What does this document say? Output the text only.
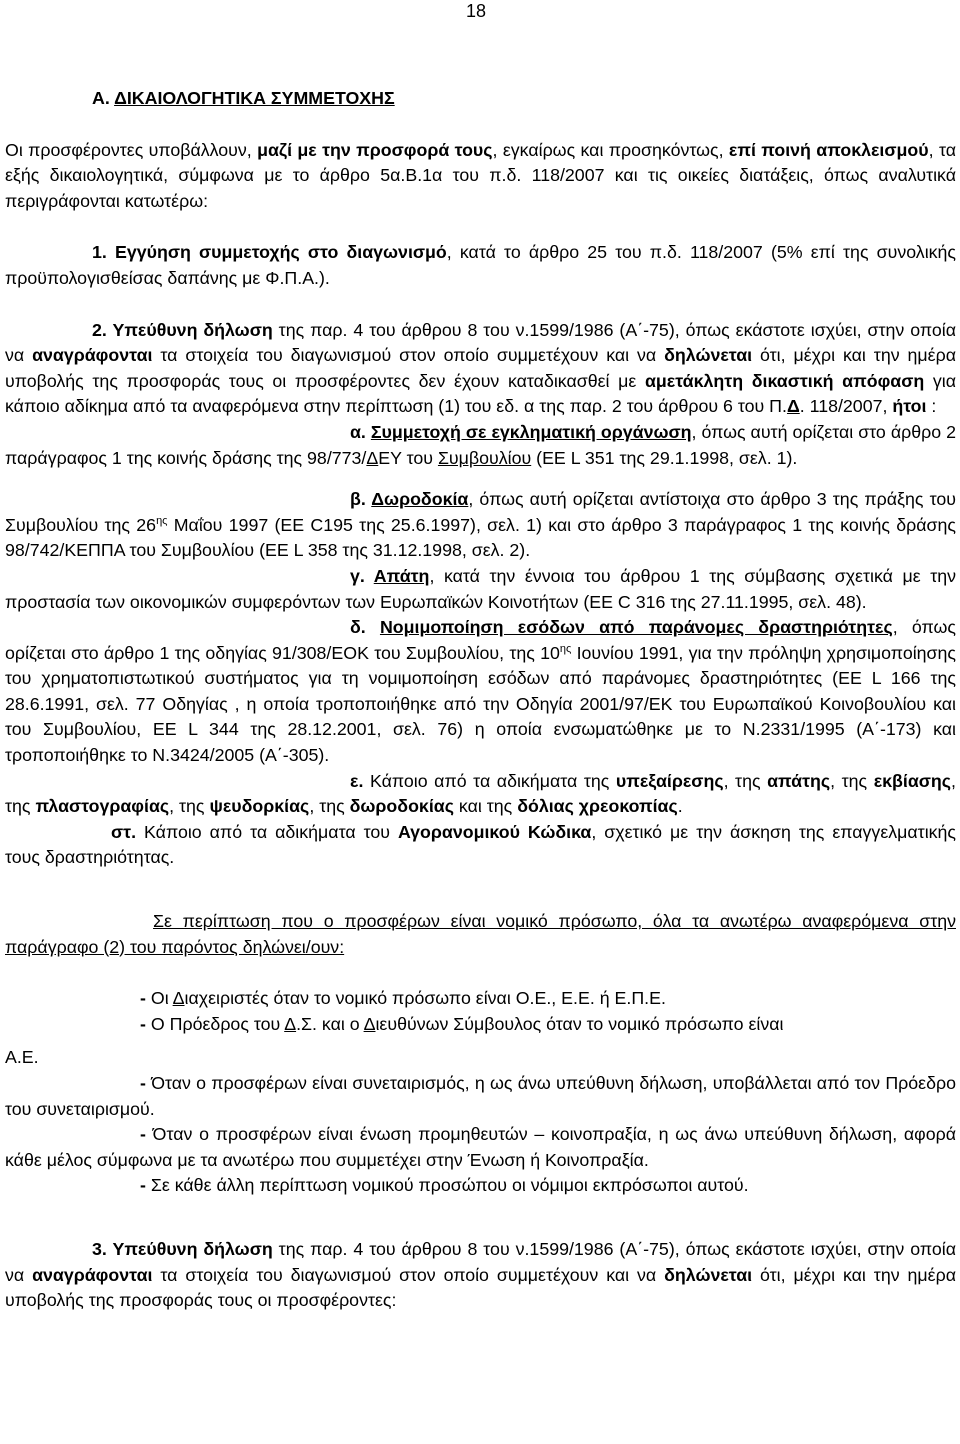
18

Α. ΔΙΚΑΙΟΛΟΓΗΤΙΚΑ ΣΥΜΜΕΤΟΧΗΣ

Οι προσφέροντες υποβάλλουν, μαζί με την προσφορά τους, εγκαίρως και προσηκόντως, επί ποινή αποκλεισμού, τα εξής δικαιολογητικά, σύμφωνα με το άρθρο 5α.Β.1α του π.δ. 118/2007 και τις οικείες διατάξεις, όπως αναλυτικά περιγράφονται κατωτέρω:

1. Εγγύηση συμμετοχής στο διαγωνισμό, κατά το άρθρο 25 του π.δ. 118/2007 (5% επί της συνολικής προϋπολογισθείσας δαπάνης με Φ.Π.Α.).

2. Υπεύθυνη δήλωση της παρ. 4 του άρθρου 8 του ν.1599/1986 (Α΄-75), όπως εκάστοτε ισχύει, στην οποία να αναγράφονται τα στοιχεία του διαγωνισμού στον οποίο συμμετέχουν και να δηλώνεται ότι, μέχρι και την ημέρα υποβολής της προσφοράς τους οι προσφέροντες δεν έχουν καταδικασθεί με αμετάκλητη δικαστική απόφαση για κάποιο αδίκημα από τα αναφερόμενα στην περίπτωση (1) του εδ. α της παρ. 2 του άρθρου 6 του Π.Δ. 118/2007, ήτοι :

α. Συμμετοχή σε εγκληματική οργάνωση, όπως αυτή ορίζεται στο άρθρο 2 παράγραφος 1 της κοινής δράσης της 98/773/ΔΕΥ του Συμβουλίου (ΕΕ L 351 της 29.1.1998, σελ. 1).

β. Δωροδοκία, όπως αυτή ορίζεται αντίστοιχα στο άρθρο 3 της πράξης του Συμβουλίου της $26^{\eta\varsigma}$ Μαΐου 1997 (ΕΕ C195 της 25.6.1997), σελ. 1) και στο άρθρο 3 παράγραφος 1 της κοινής δράσης 98/742/ΚΕΠΠΑ του Συμβουλίου (ΕΕ L 358 της 31.12.1998, σελ. 2).

γ. Απάτη, κατά την έννοια του άρθρου 1 της σύμβασης σχετικά με την προστασία των οικονομικών συμφερόντων των Ευρωπαϊκών Κοινοτήτων (ΕΕ C 316 της 27.11.1995, σελ. 48).

δ. Νομιμοποίηση εσόδων από παράνομες δραστηριότητες, όπως ορίζεται στο άρθρο 1 της οδηγίας 91/308/ΕΟΚ του Συμβουλίου, της $10^{\eta\varsigma}$ Ιουνίου 1991, για την πρόληψη χρησιμοποίησης του χρηματοπιστωτικού συστήματος για τη νομιμοποίηση εσόδων από παράνομες δραστηριότητες (ΕΕ L 166 της 28.6.1991, σελ. 77 Οδηγίας , η οποία τροποποιήθηκε από την Οδηγία 2001/97/ΕΚ του Ευρωπαϊκού Κοινοβουλίου και του Συμβουλίου, ΕΕ L 344 της 28.12.2001, σελ. 76) η οποία ενσωματώθηκε με το Ν.2331/1995 (Α΄-173) και τροποποιήθηκε το Ν.3424/2005 (Α΄-305).

ε. Κάποιο από τα αδικήματα της υπεξαίρεσης, της απάτης, της εκβίασης, της πλαστογραφίας, της ψευδορκίας, της δωροδοκίας και της δόλιας χρεοκοπίας.

στ. Κάποιο από τα αδικήματα του Αγορανομικού Κώδικα, σχετικό με την άσκηση της επαγγελματικής τους δραστηριότητας.

Σε περίπτωση που ο προσφέρων είναι νομικό πρόσωπο, όλα τα ανωτέρω αναφερόμενα στην παράγραφο (2) του παρόντος δηλώνει/ουν:

- Οι Διαχειριστές όταν το νομικό πρόσωπο είναι Ο.Ε., Ε.Ε. ή Ε.Π.Ε.

- Ο Πρόεδρος του Δ.Σ. και ο Διευθύνων Σύμβουλος όταν το νομικό πρόσωπο είναι

Α.Ε.

- Όταν ο προσφέρων είναι συνεταιρισμός, η ως άνω υπεύθυνη δήλωση, υποβάλλεται από τον Πρόεδρο του συνεταιρισμού.

- Όταν ο προσφέρων είναι ένωση προμηθευτών – κοινοπραξία, η ως άνω υπεύθυνη δήλωση, αφορά κάθε μέλος σύμφωνα με τα ανωτέρω που συμμετέχει στην Ένωση ή Κοινοπραξία.

- Σε κάθε άλλη περίπτωση νομικού προσώπου οι νόμιμοι εκπρόσωποι αυτού.

3. Υπεύθυνη δήλωση της παρ. 4 του άρθρου 8 του ν.1599/1986 (Α΄-75), όπως εκάστοτε ισχύει, στην οποία να αναγράφονται τα στοιχεία του διαγωνισμού στον οποίο συμμετέχουν και να δηλώνεται ότι, μέχρι και την ημέρα υποβολής της προσφοράς τους οι προσφέροντες:
